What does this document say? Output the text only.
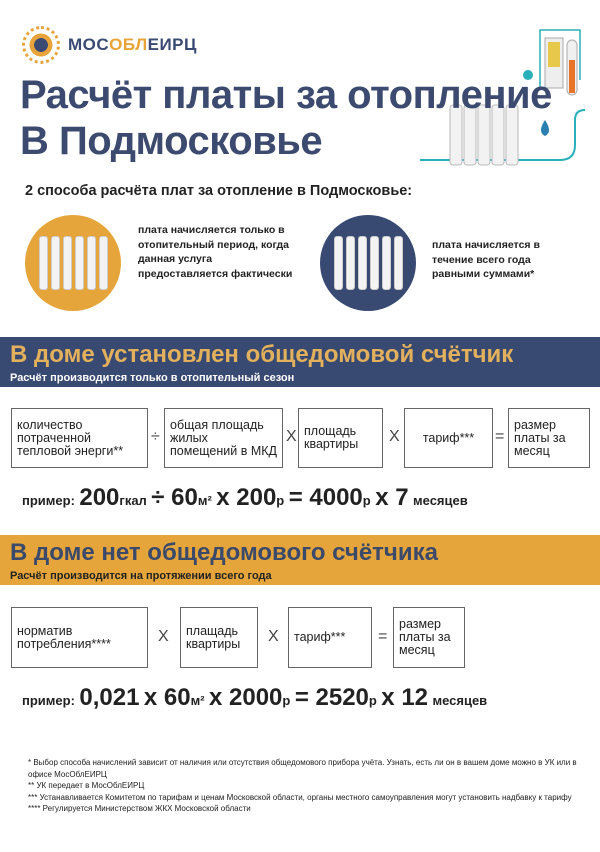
МОСОБЛЕИРЦ
Расчёт платы за отопление
В Подмосковье
2 способа расчёта плат за отопление в Подмосковье:
плата начисляется только в отопительный период, когда данная услуга предоставляется фактически
плата начисляется в течение всего года равными суммами*
В доме установлен общедомовой счётчик

Расчёт производится только в отопительный сезон

количество потраченной тепловой энерги**
÷
общая площадь жилых помещений в МКД
X площадь квартиры	X	тариф***	=
размер платы за месяц
пример: 200гкал ÷ 60м² x 200р = 4000р x 7 месяцев
В доме нет общедомового счётчика

Расчёт производится на протяжении всего года

норматив потребления****	X	плащадь квартиры	X	тариф***	=
размер платы за месяц
пример: 0,021 x 60м² x 2000р = 2520р x 12 месяцев
* Выбор способа начислений зависит от наличия или отсутствия общедомового прибора учёта. Узнать, есть ли он в вашем доме можно в УК или в офисе МосОблЕИРЦ
** УК передает в МосОблЕИРЦ
*** Устанавливается Комитетом по тарифам и ценам Московской области, органы местного самоуправления могут установить надбавку к тарифу
**** Регулируется Министерством ЖКХ Московской области
